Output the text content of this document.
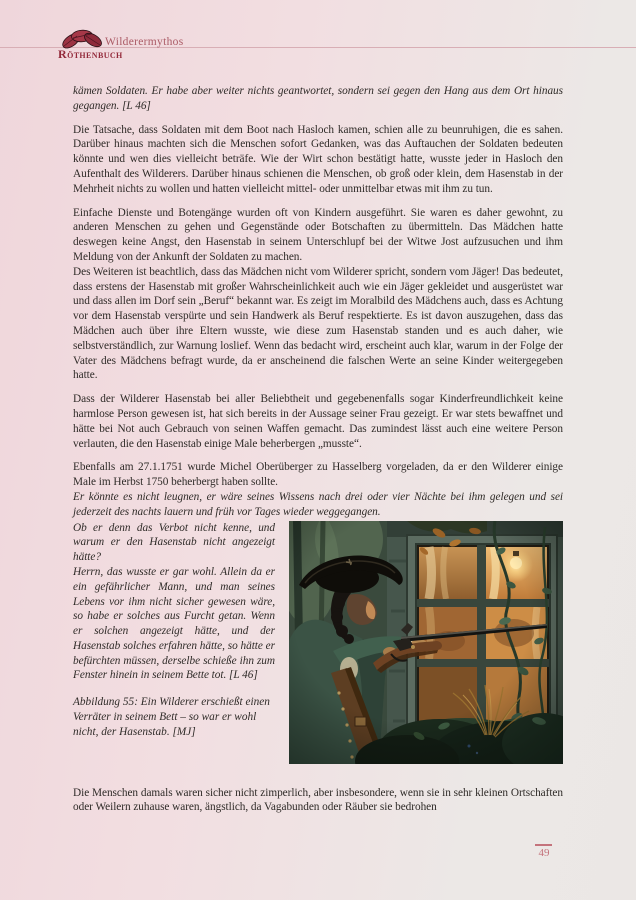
Röthenbuch
Wilderermythos

kämen Soldaten. Er habe aber weiter nichts geantwortet, sondern sei gegen den Hang aus dem Ort hinaus gegangen. [L 46]

Die Tatsache, dass Soldaten mit dem Boot nach Hasloch kamen, schien alle zu beunruhigen, die es sahen. Darüber hinaus machten sich die Menschen sofort Gedanken, was das Auftauchen der Soldaten bedeuten könnte und wen dies vielleicht beträfe. Wie der Wirt schon bestätigt hatte, wusste jeder in Hasloch den Aufenthalt des Wilderers. Darüber hinaus schienen die Menschen, ob groß oder klein, dem Hasenstab in der Mehrheit nichts zu wollen und hatten vielleicht mittel- oder unmittelbar etwas mit ihm zu tun.

Einfache Dienste und Botengänge wurden oft von Kindern ausgeführt. Sie waren es daher gewohnt, zu anderen Menschen zu gehen und Gegenstände oder Botschaften zu übermitteln. Das Mädchen hatte deswegen keine Angst, den Hasenstab in seinem Unterschlupf bei der Witwe Jost aufzusuchen und ihm Meldung von der Ankunft der Soldaten zu machen.

Des Weiteren ist beachtlich, dass das Mädchen nicht vom Wilderer spricht, sondern vom Jäger! Das bedeutet, dass erstens der Hasenstab mit großer Wahrscheinlichkeit auch wie ein Jäger gekleidet und ausgerüstet war und dass allen im Dorf sein „Beruf“ bekannt war. Es zeigt im Moralbild des Mädchens auch, dass es Achtung vor dem Hasenstab verspürte und sein Handwerk als Beruf respektierte. Es ist davon auszugehen, dass das Mädchen auch über ihre Eltern wusste, wie diese zum Hasenstab standen und es auch daher, wie selbstverständlich, zur Warnung loslief. Wenn das bedacht wird, erscheint auch klar, warum in der Folge der Vater des Mädchens befragt wurde, da er anscheinend die falschen Werte an seine Kinder weitergegeben hatte.

Dass der Wilderer Hasenstab bei aller Beliebtheit und gegebenenfalls sogar Kinderfreundlichkeit keine harmlose Person gewesen ist, hat sich bereits in der Aussage seiner Frau gezeigt. Er war stets bewaffnet und hätte bei Not auch Gebrauch von seinen Waffen gemacht. Das zumindest lässt auch eine weitere Person verlauten, die den Hasenstab einige Male beherbergen „musste“.

Ebenfalls am 27.1.1751 wurde Michel Oberüberger zu Hasselberg vorgeladen, da er den Wilderer einige Male im Herbst 1750 beherbergt haben sollte.

Er könnte es nicht leugnen, er wäre seines Wissens nach drei oder vier Nächte bei ihm gelegen und sei jederzeit des nachts lauern und früh vor Tages wieder weggegangen.

Ob er denn das Verbot nicht kenne, und warum er den Hasenstab nicht angezeigt hätte?

Herrn, das wusste er gar wohl. Allein da er ein gefährlicher Mann, und man seines Lebens vor ihm nicht sicher gewesen wäre, so habe er solches aus Furcht getan. Wenn er solchen angezeigt hätte, und der Hasenstab solches erfahren hätte, so hätte er befürchten müssen, derselbe schieße ihn zum Fenster hinein in seinem Bette tot. [L 46]

Abbildung 55: Ein Wilderer erschießt einen Verräter in seinem Bett – so war er wohl nicht, der Hasenstab. [MJ]

Die Menschen damals waren sicher nicht zimperlich, aber insbesondere, wenn sie in sehr kleinen Ortschaften oder Weilern zuhause waren, ängstlich, da Vagabunden oder Räuber sie bedrohen

49
